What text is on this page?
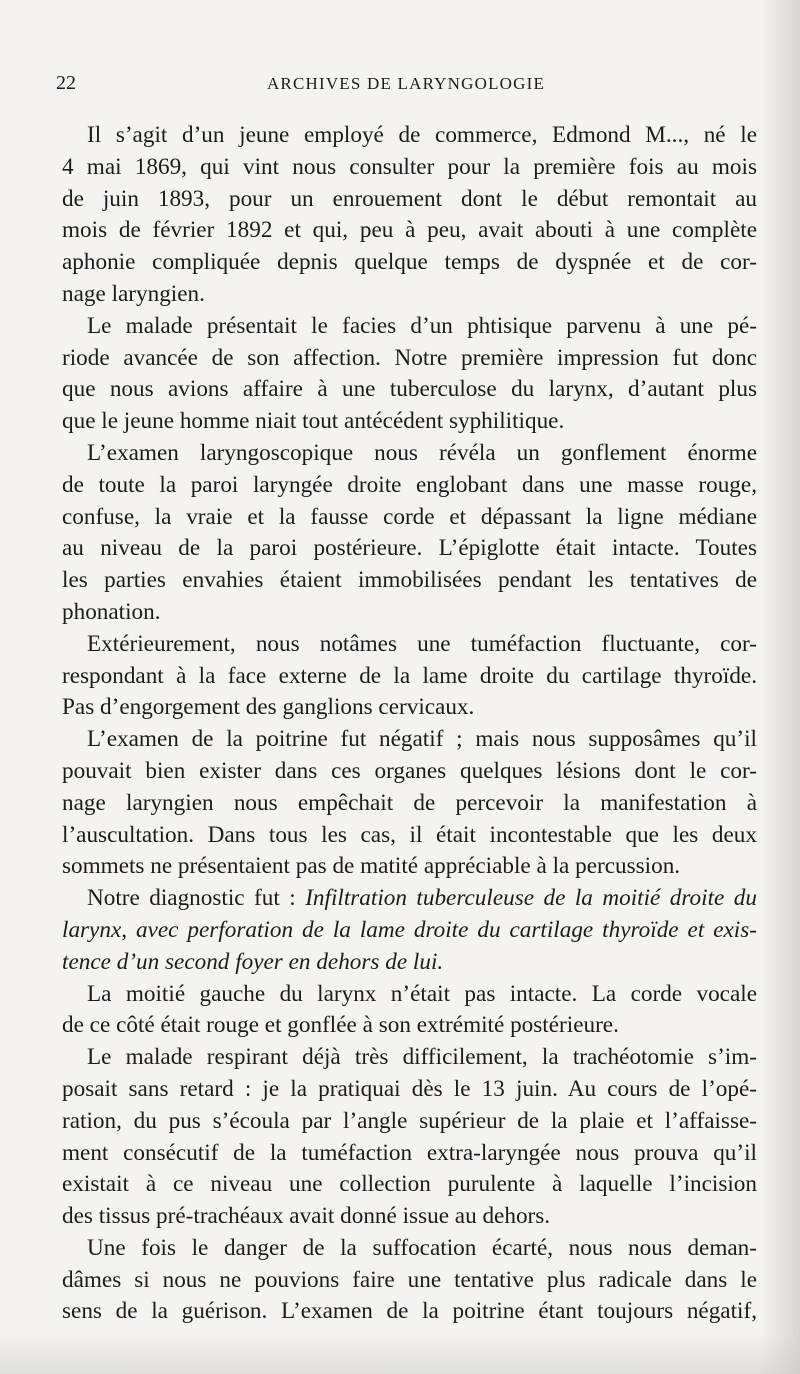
22	ARCHIVES DE LARYNGOLOGIE
Il s’agit d’un jeune employé de commerce, Edmond M..., né le
4 mai 1869, qui vint nous consulter pour la première fois au mois
de juin 1893, pour un enrouement dont le début remontait au
mois de février 1892 et qui, peu à peu, avait abouti à une complète
aphonie compliquée depnis quelque temps de dyspnée et de cor-
nage laryngien.
Le malade présentait le facies d’un phtisique parvenu à une pé-
riode avancée de son affection. Notre première impression fut donc
que nous avions affaire à une tuberculose du larynx, d’autant plus
que le jeune homme niait tout antécédent syphilitique.
L’examen laryngoscopique nous révéla un gonflement énorme
de toute la paroi laryngée droite englobant dans une masse rouge,
confuse, la vraie et la fausse corde et dépassant la ligne médiane
au niveau de la paroi postérieure. L’épiglotte était intacte. Toutes
les parties envahies étaient immobilisées pendant les tentatives de
phonation.
Extérieurement, nous notâmes une tuméfaction fluctuante, cor-
respondant à la face externe de la lame droite du cartilage thyroïde.
Pas d’engorgement des ganglions cervicaux.
L’examen de la poitrine fut négatif ; mais nous supposâmes qu’il
pouvait bien exister dans ces organes quelques lésions dont le cor-
nage laryngien nous empêchait de percevoir la manifestation à
l’auscultation. Dans tous les cas, il était incontestable que les deux
sommets ne présentaient pas de matité appréciable à la percussion.
Notre diagnostic fut : Infiltration tuberculeuse de la moitié droite du
larynx, avec perforation de la lame droite du cartilage thyroïde et exis-
tence d’un second foyer en dehors de lui.
La moitié gauche du larynx n’était pas intacte. La corde vocale
de ce côté était rouge et gonflée à son extrémité postérieure.
Le malade respirant déjà très difficilement, la trachéotomie s’im-
posait sans retard : je la pratiquai dès le 13 juin. Au cours de l’opé-
ration, du pus s’écoula par l’angle supérieur de la plaie et l’affaisse-
ment consécutif de la tuméfaction extra-laryngée nous prouva qu’il
existait à ce niveau une collection purulente à laquelle l’incision
des tissus pré-trachéaux avait donné issue au dehors.
Une fois le danger de la suffocation écarté, nous nous deman-
dâmes si nous ne pouvions faire une tentative plus radicale dans le
sens de la guérison. L’examen de la poitrine étant toujours négatif,
